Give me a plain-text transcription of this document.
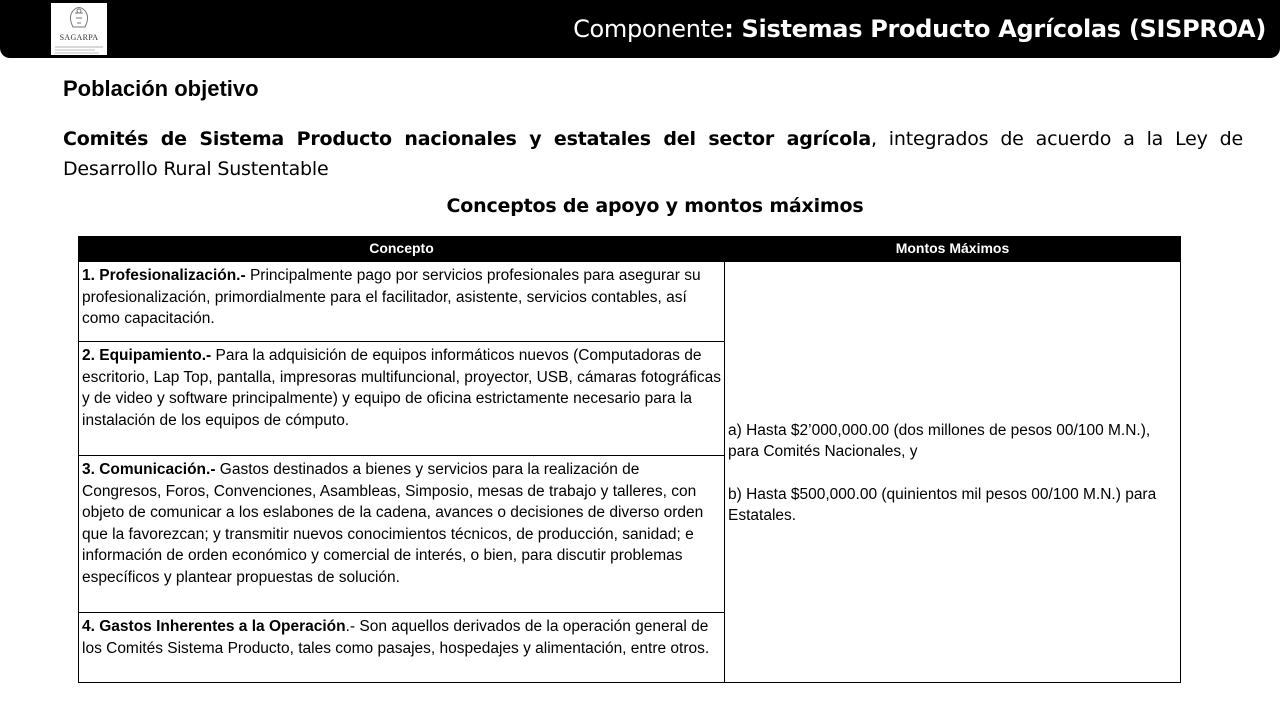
SAGARPA	Componente: Sistemas Producto Agrícolas (SISPROA)
Población objetivo
Comités de Sistema Producto nacionales y estatales del sector agrícola, integrados de acuerdo a la Ley de Desarrollo Rural Sustentable
Conceptos de apoyo y montos máximos
Concepto	Montos Máximos
1. Profesionalización.- Principalmente pago por servicios profesionales para asegurar su profesionalización, primordialmente para el facilitador, asistente, servicios contables, así como capacitación.	a) Hasta $2’000,000.00 (dos millones de pesos 00/100 M.N.), para Comités Nacionales, y
b) Hasta $500,000.00 (quinientos mil pesos 00/100 M.N.) para Estatales.

2. Equipamiento.- Para la adquisición de equipos informáticos nuevos (Computadoras de escritorio, Lap Top, pantalla, impresoras multifuncional, proyector, USB, cámaras fotográficas y de video y software principalmente) y equipo de oficina estrictamente necesario para la instalación de los equipos de cómputo.	
3. Comunicación.- Gastos destinados a bienes y servicios para la realización de Congresos, Foros, Convenciones, Asambleas, Simposio, mesas de trabajo y talleres, con objeto de comunicar a los eslabones de la cadena, avances o decisiones de diverso orden que la favorezcan; y transmitir nuevos conocimientos técnicos, de producción, sanidad; e información de orden económico y comercial de interés, o bien, para discutir problemas específicos y plantear propuestas de solución.	
4. Gastos Inherentes a la Operación.- Son aquellos derivados de la operación general de los Comités Sistema Producto, tales como pasajes, hospedajes y alimentación, entre otros.	
